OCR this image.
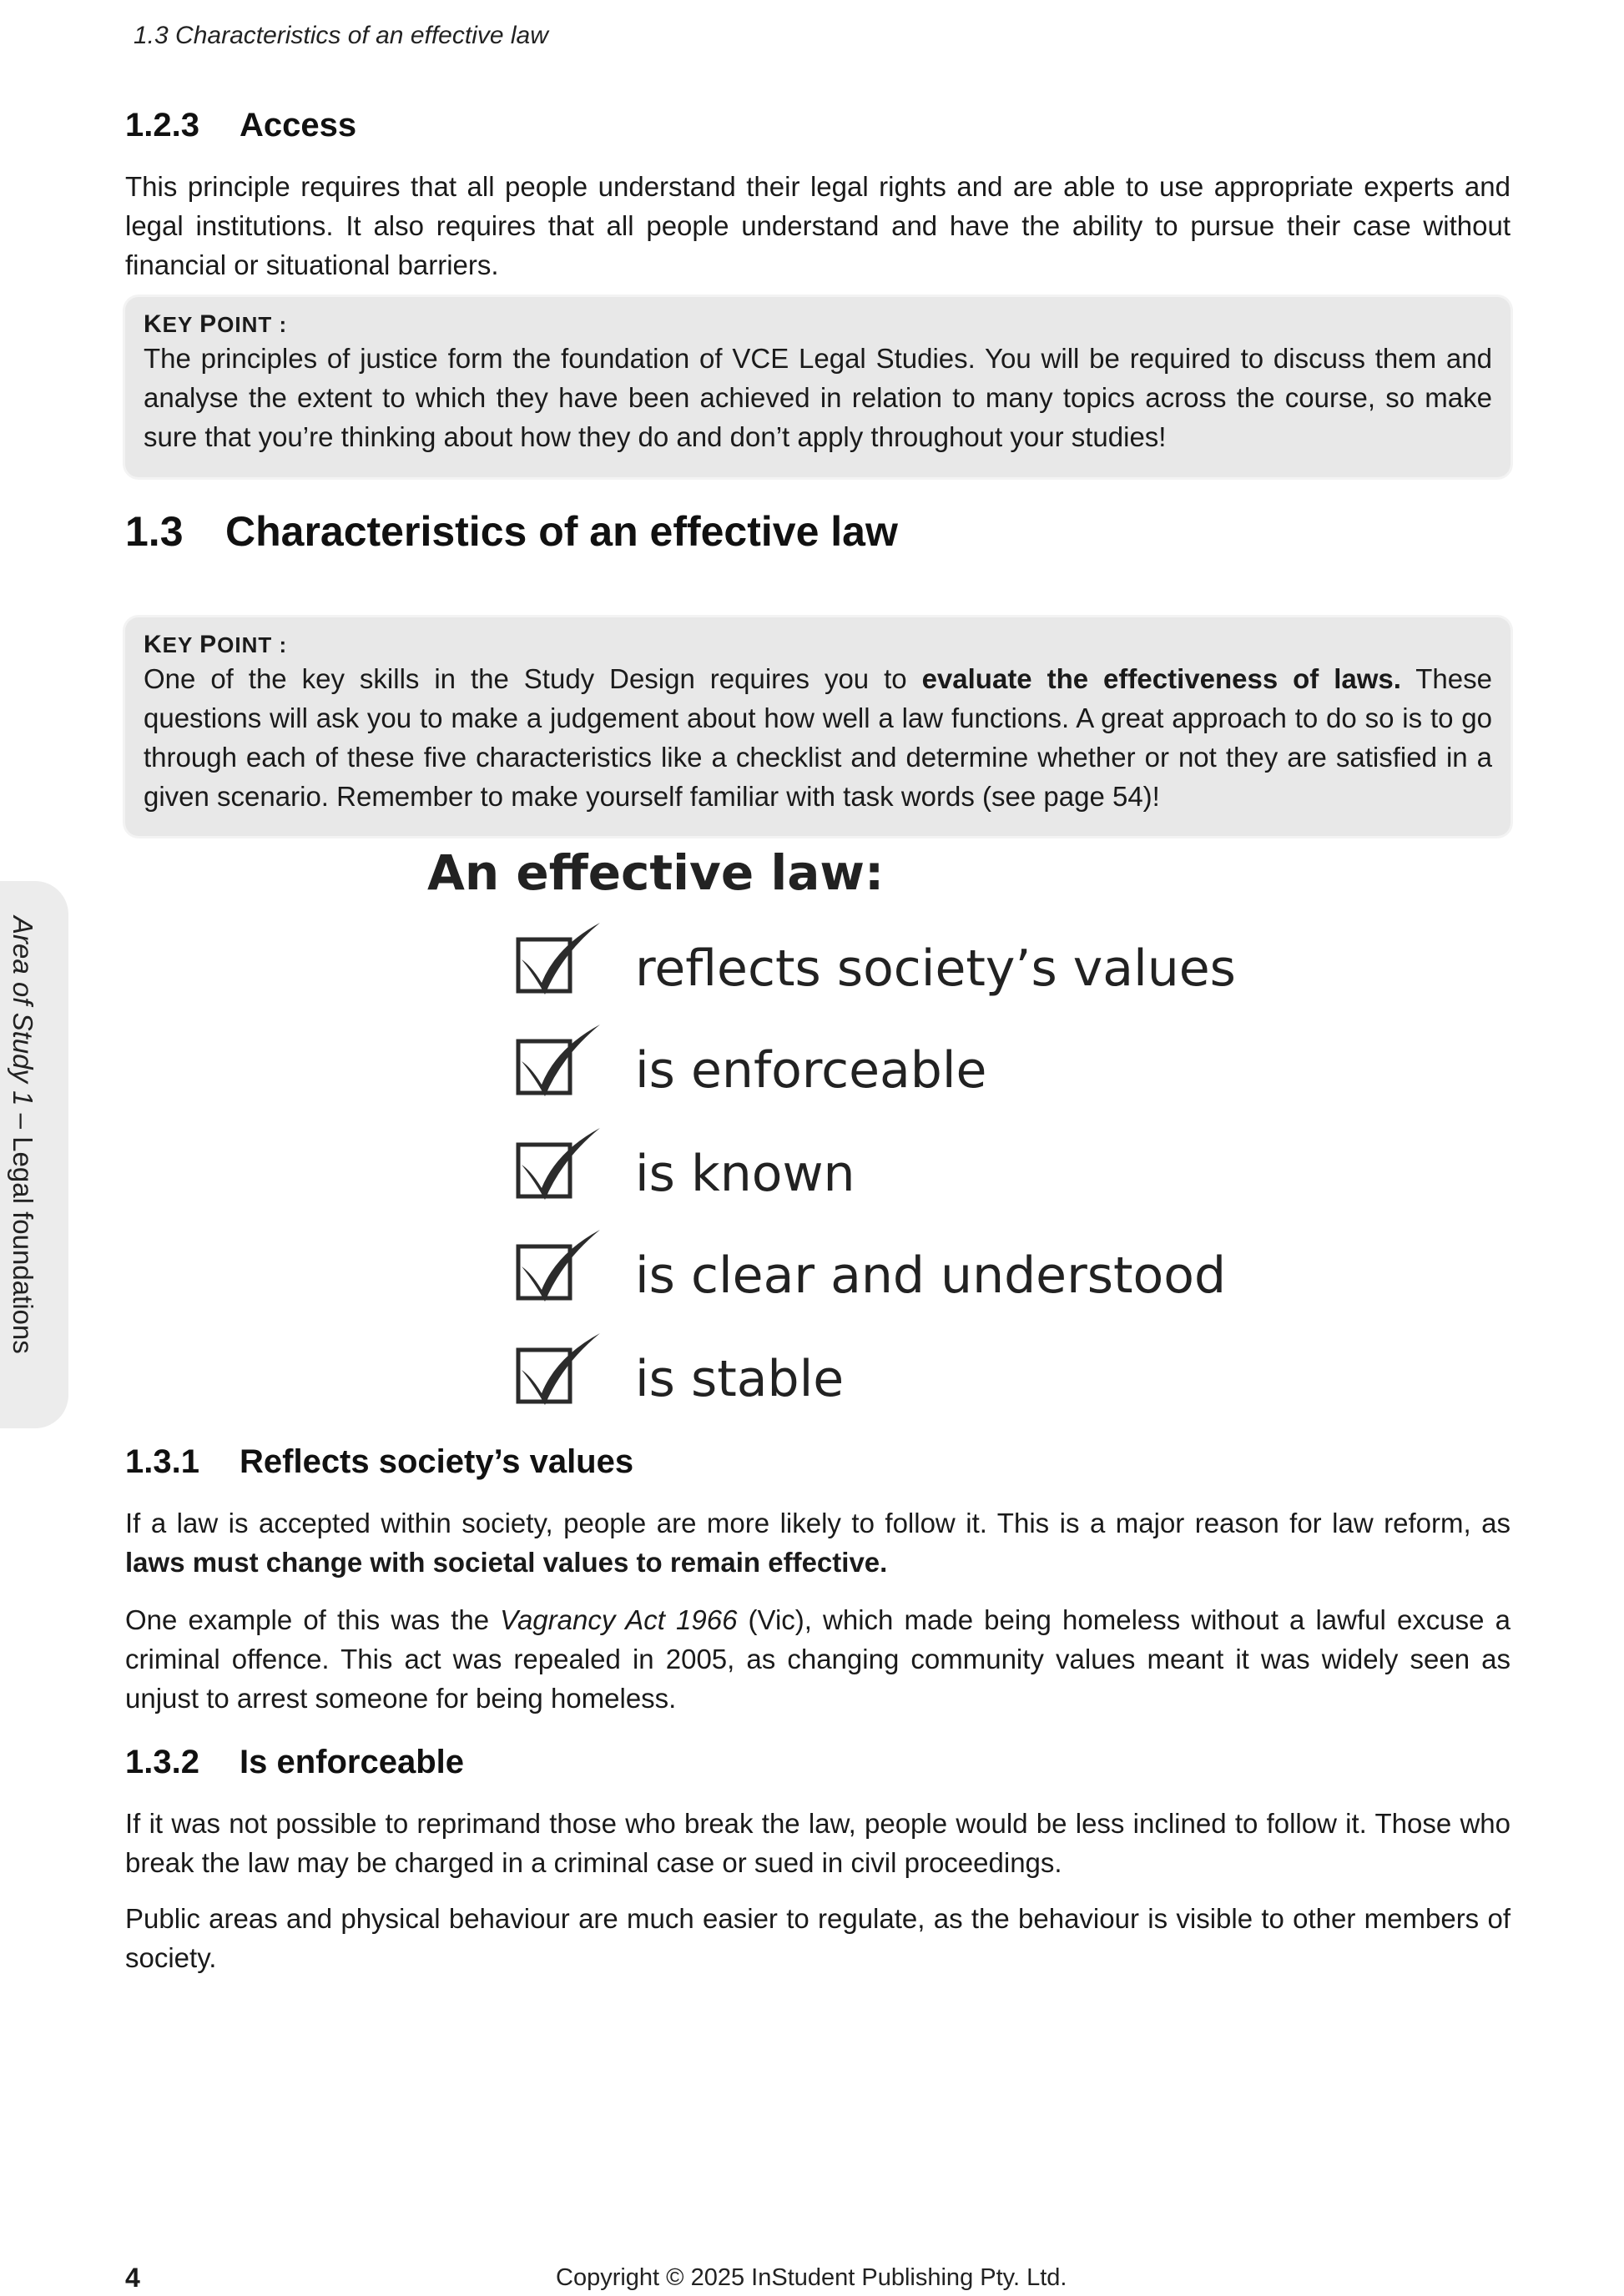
1.3 Characteristics of an effective law
1.2.3 Access

This principle requires that all people understand their legal rights and are able to use appropriate experts and legal institutions. It also requires that all people understand and have the ability to pursue their case without financial or situational barriers.

KEY POINT :

The principles of justice form the foundation of VCE Legal Studies. You will be required to discuss them and analyse the extent to which they have been achieved in relation to many topics across the course, so make sure that you’re thinking about how they do and don’t apply throughout your studies!

1.3 Characteristics of an effective law
KEY POINT :

One of the key skills in the Study Design requires you to evaluate the effectiveness of laws. These questions will ask you to make a judgement about how well a law functions. A great approach to do so is to go through each of these five characteristics like a checklist and determine whether or not they are satisfied in a given scenario. Remember to make yourself familiar with task words (see page 54)!

1.3.1 Reflects society’s values

If a law is accepted within society, people are more likely to follow it. This is a major reason for law reform, as laws must change with societal values to remain effective.

One example of this was the Vagrancy Act 1966 (Vic), which made being homeless without a lawful excuse a criminal offence. This act was repealed in 2005, as changing community values meant it was widely seen as unjust to arrest someone for being homeless.

1.3.2 Is enforceable

If it was not possible to reprimand those who break the law, people would be less inclined to follow it. Those who break the law may be charged in a criminal case or sued in civil proceedings.

Public areas and physical behaviour are much easier to regulate, as the behaviour is visible to other members of society.

An effective law:
reflects society’s values
is enforceable
is known
is clear and understood
is stable
Area of Study 1 – Legal foundations
4	Copyright © 2025 InStudent Publishing Pty. Ltd.
